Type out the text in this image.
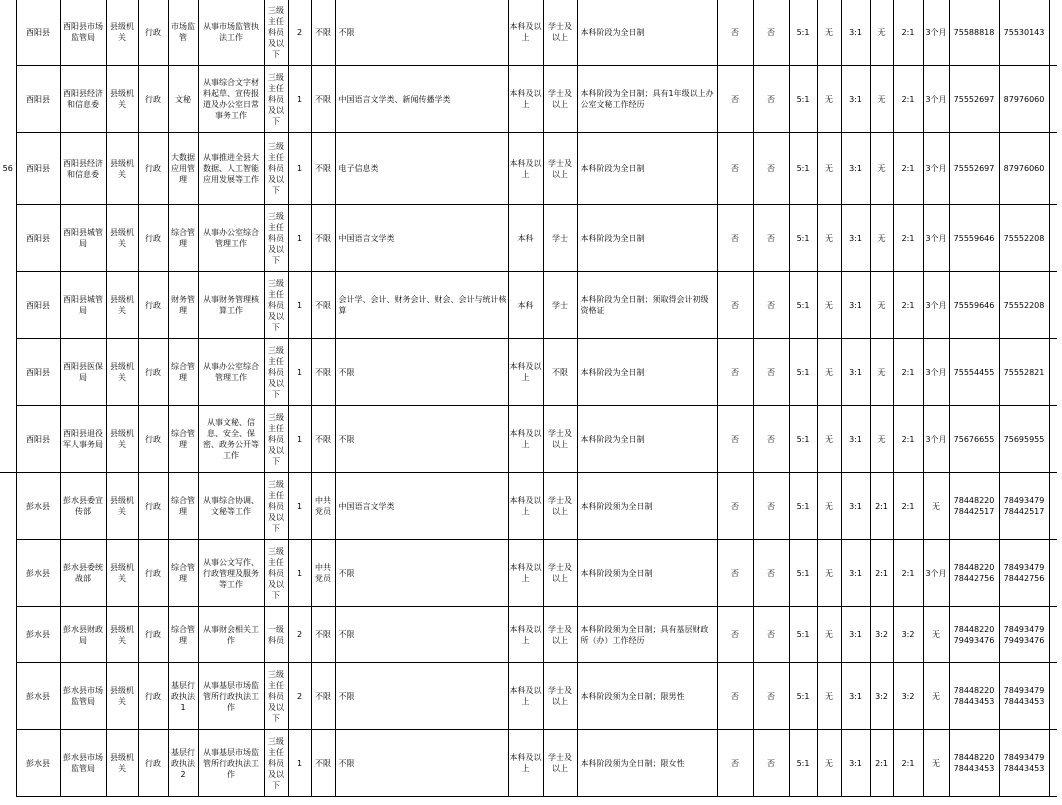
	酉阳县	酉阳县市场监管局	县级机关	行政	市场监管	从事市场监管执法工作	三级主任科员及以下	2	不限	不限	本科及以上	学士及以上	本科阶段为全日制	否	否	5:1	无	3:1	无	2:1	3个月	75588818	75530143	
	酉阳县	酉阳县经济和信息委	县级机关	行政	文秘	从事综合文字材料起草、宣传报道及办公室日常事务工作	三级主任科员及以下	1	不限	中国语言文学类、新闻传播学类	本科及以上	学士及以上	本科阶段为全日制；具有1年级以上办公室文秘工作经历	否	否	5:1	无	3:1	无	2:1	3个月	75552697	87976060	
56	酉阳县	酉阳县经济和信息委	县级机关	行政	大数据应用管理	从事推进全县大数据、人工智能应用发展等工作	三级主任科员及以下	1	不限	电子信息类	本科及以上	学士及以上	本科阶段为全日制	否	否	5:1	无	3:1	无	2:1	3个月	75552697	87976060	
	酉阳县	酉阳县城管局	县级机关	行政	综合管理	从事办公室综合管理工作	三级主任科员及以下	1	不限	中国语言文学类	本科	学士	本科阶段为全日制	否	否	5:1	无	3:1	无	2:1	3个月	75559646	75552208	
	酉阳县	酉阳县城管局	县级机关	行政	财务管理	从事财务管理核算工作	三级主任科员及以下	1	不限	会计学、会计、财务会计、财会、会计与统计核算	本科	学士	本科阶段为全日制；须取得会计初级资格证	否	否	5:1	无	3:1	无	2:1	3个月	75559646	75552208	
	酉阳县	酉阳县医保局	县级机关	行政	综合管理	从事办公室综合管理工作	三级主任科员及以下	1	不限	不限	本科及以上	不限	本科阶段为全日制	否	否	5:1	无	3:1	无	2:1	3个月	75554455	75552821	
	酉阳县	酉阳县退役军人事务局	县级机关	行政	综合管理	从事文秘、信息、安全、保密、政务公开等工作	三级主任科员及以下	1	不限	不限	本科及以上	学士及以上	本科阶段为全日制	否	否	5:1	无	3:1	无	2:1	3个月	75676655	75695955	
	彭水县	彭水县委宣传部	县级机关	行政	综合管理	从事综合协调、文秘等工作	三级主任科员及以下	1	中共党员	中国语言文学类	本科及以上	学士及以上	本科阶段须为全日制	否	否	5:1	无	3:1	2:1	2:1	无	78448220 78442517	78493479 78442517	
	彭水县	彭水县委统战部	县级机关	行政	综合管理	从事公文写作、行政管理及服务等工作	三级主任科员及以下	1	中共党员	不限	本科及以上	学士及以上	本科阶段须为全日制	否	否	5:1	无	3:1	2:1	2:1	3个月	78448220 78442756	78493479 78442756	
	彭水县	彭水县财政局	县级机关	行政	综合管理	从事财会相关工作	一级科员	2	不限	不限	本科及以上	学士及以上	本科阶段须为全日制；具有基层财政所（办）工作经历	否	否	5:1	无	3:1	3:2	3:2	无	78448220 79493476	78493479 79493476	
	彭水县	彭水县市场监管局	县级机关	行政	基层行政执法1	从事基层市场监管所行政执法工作	三级主任科员及以下	2	不限	不限	本科及以上	学士及以上	本科阶段须为全日制；限男性	否	否	5:1	无	3:1	3:2	3:2	无	78448220 78443453	78493479 78443453	
	彭水县	彭水县市场监管局	县级机关	行政	基层行政执法2	从事基层市场监管所行政执法工作	三级主任科员及以下	1	不限	不限	本科及以上	学士及以上	本科阶段须为全日制；限女性	否	否	5:1	无	3:1	2:1	2:1	无	78448220 78443453	78493479 78443453	
